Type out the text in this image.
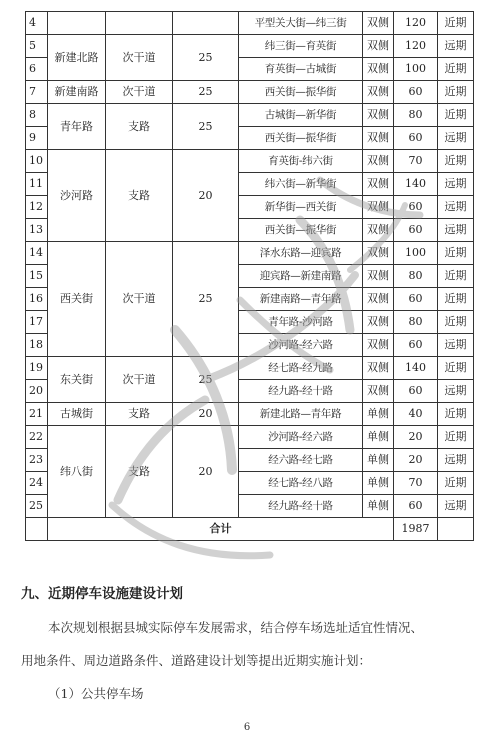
4				平型关大街—纬三街	双侧	120	近期
5	新建北路	次干道	25	纬三街—育英街	双侧	120	远期
6				育英街—古城街	双侧	100	近期
7	新建南路	次干道	25	西关街—振华街	双侧	60	近期
8	青年路	支路	25	古城街—新华街	双侧	80	近期
9				西关街—振华街	双侧	60	远期
10	沙河路	支路	20	育英街-纬六街	双侧	70	近期
11				纬六街—新华街	双侧	140	远期
12				新华街—西关街	双侧	60	远期
13				西关街—振华街	双侧	60	远期
14	西关街	次干道	25	泽水东路—迎宾路	双侧	100	近期
15				迎宾路—新建南路	双侧	80	近期
16				新建南路—青年路	双侧	60	近期
17				青年路-沙河路	双侧	80	近期
18				沙河路-经六路	双侧	60	远期
19	东关街	次干道	25	经七路-经九路	双侧	140	近期
20				经九路-经十路	双侧	60	远期
21	古城街	支路	20	新建北路—青年路	单侧	40	近期
22	纬八街	支路	20	沙河路-经六路	单侧	20	近期
23				经六路-经七路	单侧	20	远期
24				经七路-经八路	单侧	70	近期
25				经九路-经十路	单侧	60	远期
	合计					1987	
九、近期停车设施建设计划
本次规划根据县城实际停车发展需求，结合停车场选址适宜性情况、
用地条件、周边道路条件、道路建设计划等提出近期实施计划：
（1）公共停车场
6
